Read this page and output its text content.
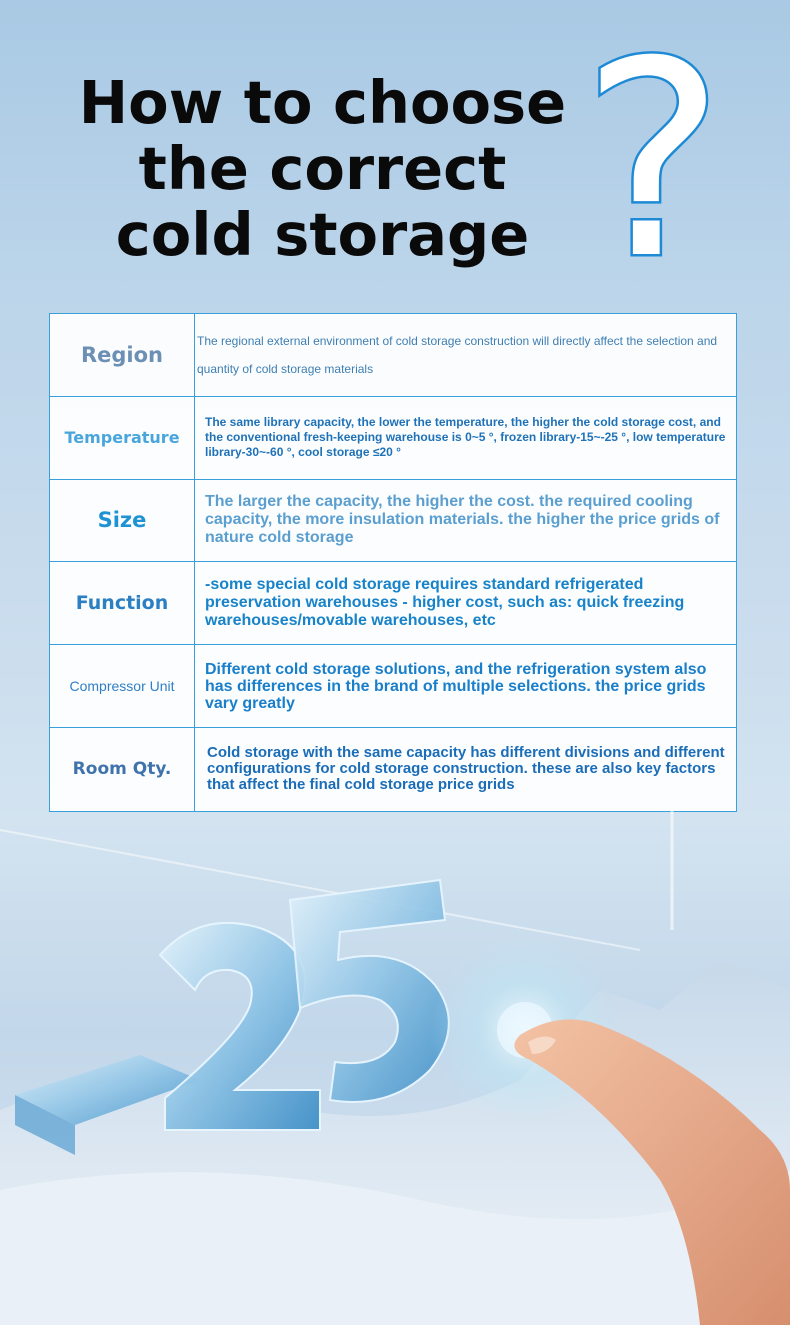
How to choose
the correct
cold storage ?
Region
The regional external environment of cold storage construction will directly affect the selection and quantity of cold storage materials
Temperature
The same library capacity, the lower the temperature, the higher the cold storage cost, and the conventional fresh-keeping warehouse is 0~5 °, frozen library-15~-25 °, low temperature library-30~-60 °, cool storage ≤20 °
Size
The larger the capacity, the higher the cost. the required cooling capacity, the more insulation materials. the higher the price grids of nature cold storage
Function
-some special cold storage requires standard refrigerated preservation warehouses - higher cost, such as: quick freezing warehouses/movable warehouses, etc
Compressor Unit
Different cold storage solutions, and the refrigeration system also has differences in the brand of multiple selections. the price grids vary greatly
Room Qty.
Cold storage with the same capacity has different divisions and different configurations for cold storage construction. these are also key factors that affect the final cold storage price grids
